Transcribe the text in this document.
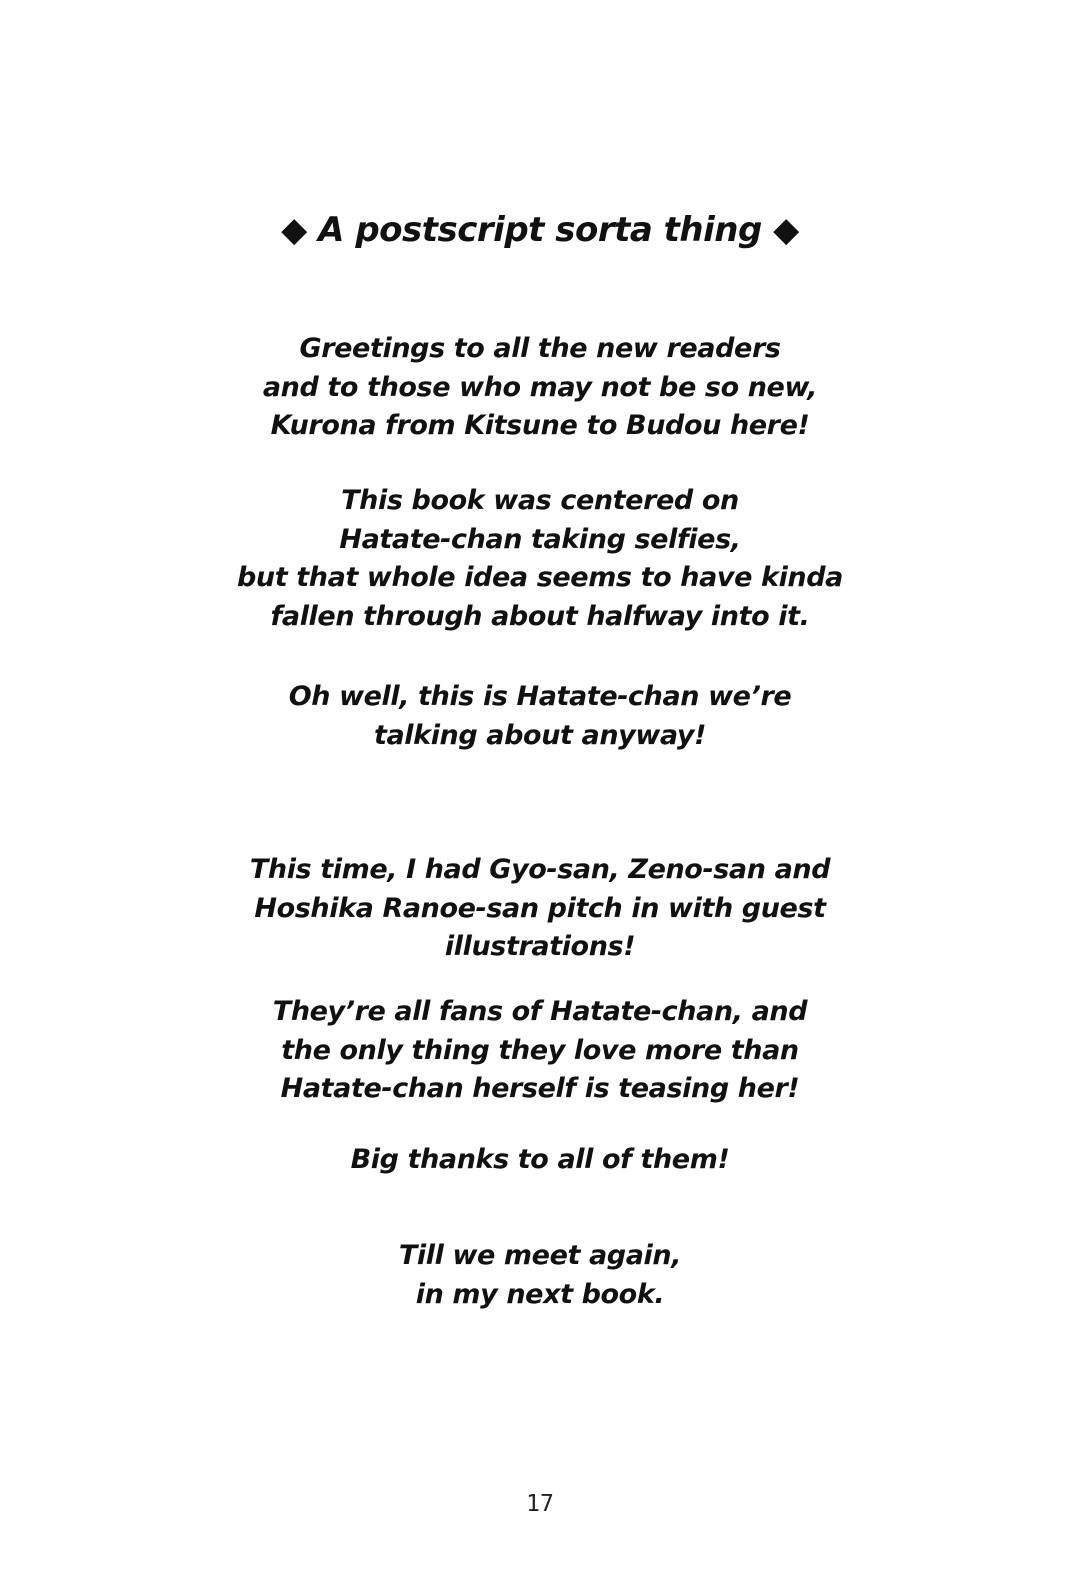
◆ A postscript sorta thing ◆
Greetings to all the new readers
and to those who may not be so new,
Kurona from Kitsune to Budou here!
This book was centered on
Hatate-chan taking selfies,
but that whole idea seems to have kinda
fallen through about halfway into it.
Oh well, this is Hatate-chan we’re
talking about anyway!
This time, I had Gyo-san, Zeno-san and
Hoshika Ranoe-san pitch in with guest
illustrations!
They’re all fans of Hatate-chan, and
the only thing they love more than
Hatate-chan herself is teasing her!
Big thanks to all of them!
Till we meet again,
in my next book.
17
